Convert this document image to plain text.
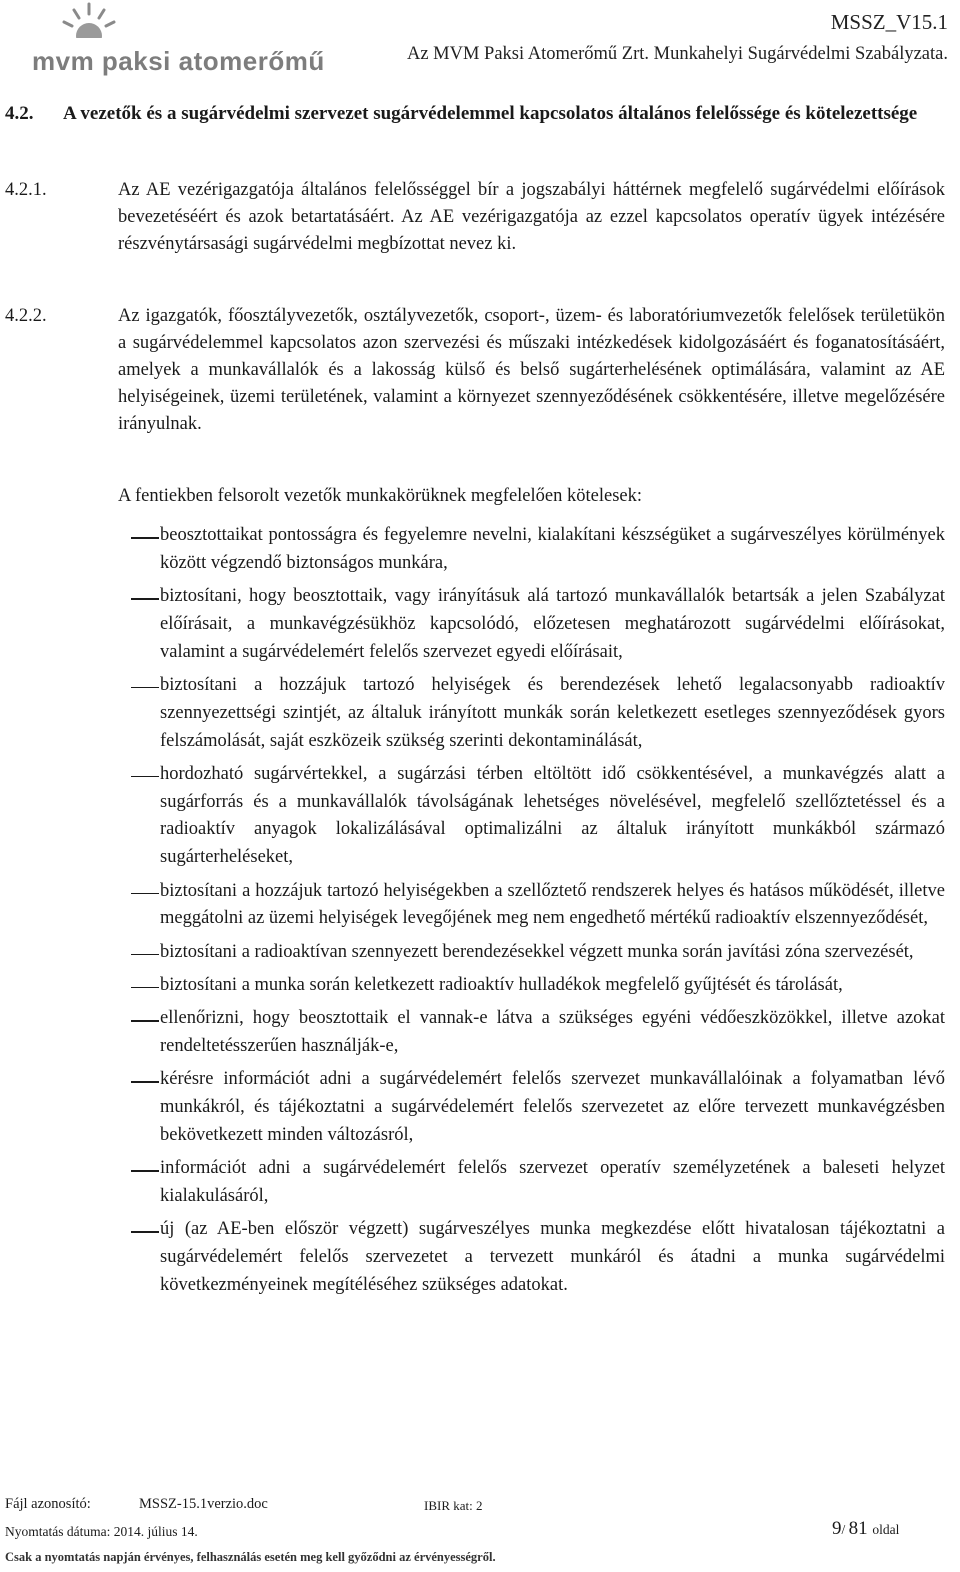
mvm paksi atomerőmű
MSSZ_V15.1
Az MVM Paksi Atomerőmű Zrt. Munkahelyi Sugárvédelmi Szabályzata.
4.2.	A vezetők és a sugárvédelmi szervezet sugárvédelemmel kapcsolatos általános felelőssége és kötelezettsége
4.2.1.	Az AE vezérigazgatója általános felelősséggel bír a jogszabályi háttérnek megfelelő sugárvédelmi előírások bevezetéséért és azok betartatásáért. Az AE vezérigazgatója az ezzel kapcsolatos operatív ügyek intézésére részvénytársasági sugárvédelmi megbízottat nevez ki.
4.2.2.	Az igazgatók, főosztályvezetők, osztályvezetők, csoport-, üzem- és laboratóriumvezetők felelősek területükön a sugárvédelemmel kapcsolatos azon szervezési és műszaki intézkedések kidolgozásáért és foganatosításáért, amelyek a munkavállalók és a lakosság külső és belső sugárterhelésének optimálására, valamint az AE helyiségeinek, üzemi területének, valamint a környezet szennyeződésének csökkentésére, illetve megelőzésére irányulnak.
A fentiekben felsorolt vezetők munkakörüknek megfelelően kötelesek:
beosztottaikat pontosságra és fegyelemre nevelni, kialakítani készségüket a sugárveszélyes körülmények között végzendő biztonságos munkára,
biztosítani, hogy beosztottaik, vagy irányításuk alá tartozó munkavállalók betartsák a jelen Szabályzat előírásait, a munkavégzésükhöz kapcsolódó, előzetesen meghatározott sugárvédelmi előírásokat, valamint a sugárvédelemért felelős szervezet egyedi előírásait,
biztosítani a hozzájuk tartozó helyiségek és berendezések lehető legalacsonyabb radioaktív szennyezettségi szintjét, az általuk irányított munkák során keletkezett esetleges szennyeződések gyors felszámolását, saját eszközeik szükség szerinti dekontaminálását,
hordozható sugárvértekkel, a sugárzási térben eltöltött idő csökkentésével, a munkavégzés alatt a sugárforrás és a munkavállalók távolságának lehetséges növelésével, megfelelő szellőztetéssel és a radioaktív anyagok lokalizálásával optimalizálni az általuk irányított munkákból származó sugárterheléseket,
biztosítani a hozzájuk tartozó helyiségekben a szellőztető rendszerek helyes és hatásos működését, illetve meggátolni az üzemi helyiségek levegőjének meg nem engedhető mértékű radioaktív elszennyeződését,
biztosítani a radioaktívan szennyezett berendezésekkel végzett munka során javítási zóna szervezését,
biztosítani a munka során keletkezett radioaktív hulladékok megfelelő gyűjtését és tárolását,
ellenőrizni, hogy beosztottaik el vannak-e látva a szükséges egyéni védőeszközökkel, illetve azokat rendeltetésszerűen használják-e,
kérésre információt adni a sugárvédelemért felelős szervezet munkavállalóinak a folyamatban lévő munkákról, és tájékoztatni a sugárvédelemért felelős szervezetet az előre tervezett munkavégzésben bekövetkezett minden változásról,
információt adni a sugárvédelemért felelős szervezet operatív személyzetének a baleseti helyzet kialakulásáról,
új (az AE-ben először végzett) sugárveszélyes munka megkezdése előtt hivatalosan tájékoztatni a sugárvédelemért felelős szervezetet a tervezett munkáról és átadni a munka sugárvédelmi következményeinek megítéléséhez szükséges adatokat.
Fájl azonosító:	MSSZ-15.1verzio.doc	IBIR kat: 2
Nyomtatás dátuma: 2014. július 14.	9/ 81 oldal
Csak a nyomtatás napján érvényes, felhasználás esetén meg kell győződni az érvényességről.
